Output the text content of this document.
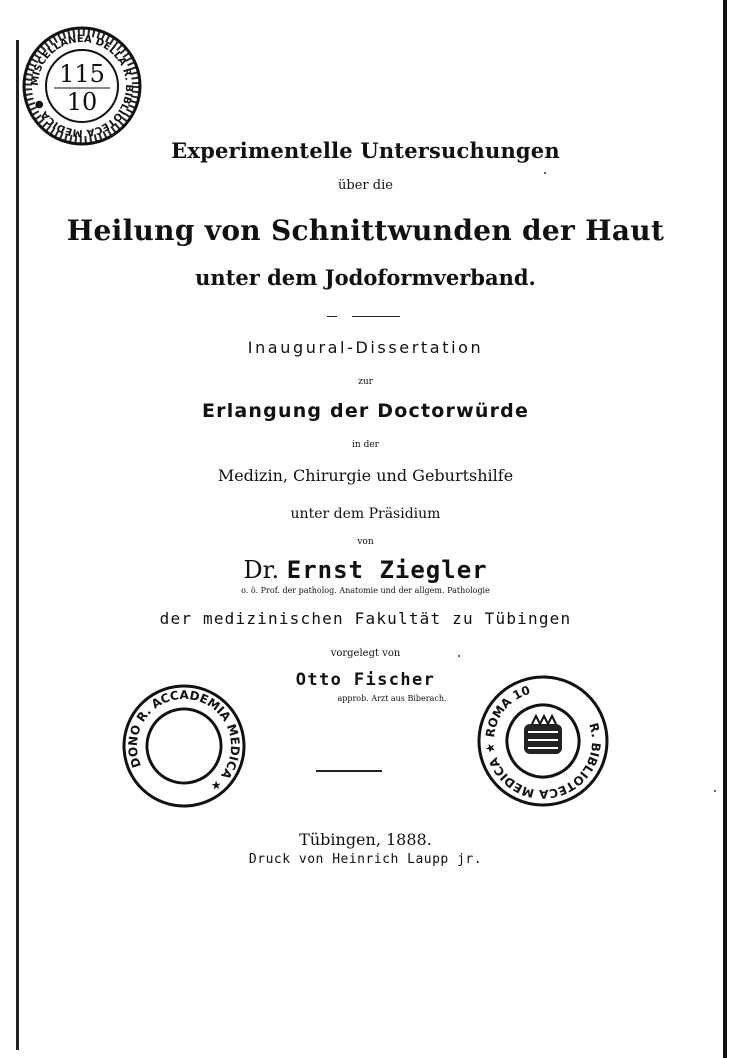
MISCELLANEA DELLA R. BIBLIOTECA MEDICA ●
115
10
Experimentelle Untersuchungen
über die
Heilung von Schnittwunden der Haut
unter dem Jodoformverband.
Inaugural-Dissertation
zur
Erlangung der Doctorwürde
in der
Medizin, Chirurgie und Geburtshilfe
unter dem Präsidium
von
Dr. Ernst Ziegler
o. ö. Prof. der patholog. Anatomie und der allgem. Pathologie
der medizinischen Fakultät zu Tübingen
vorgelegt von
Otto Fischer
approb. Arzt aus Biberach.
DONO R. ACCADEMIA MEDICA ★
R. BIBLIOTECA MEDICA ★ ROMA 10
Tübingen, 1888.
Druck von Heinrich Laupp jr.
